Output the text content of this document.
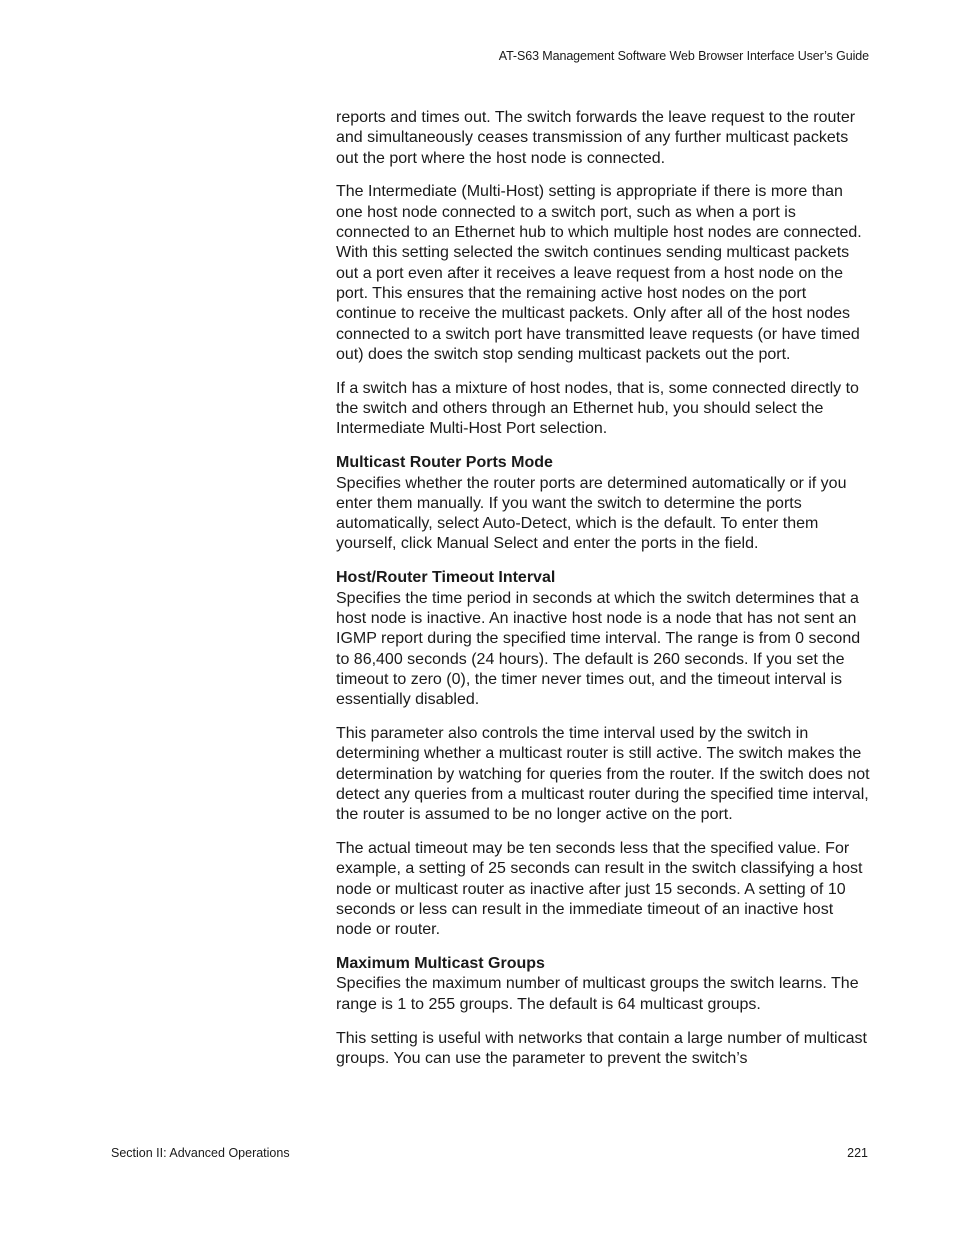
AT-S63 Management Software Web Browser Interface User’s Guide

reports and times out. The switch forwards the leave request to the router and simultaneously ceases transmission of any further multicast packets out the port where the host node is connected.

The Intermediate (Multi-Host) setting is appropriate if there is more than one host node connected to a switch port, such as when a port is connected to an Ethernet hub to which multiple host nodes are connected. With this setting selected the switch continues sending multicast packets out a port even after it receives a leave request from a host node on the port. This ensures that the remaining active host nodes on the port continue to receive the multicast packets. Only after all of the host nodes connected to a switch port have transmitted leave requests (or have timed out) does the switch stop sending multicast packets out the port.

If a switch has a mixture of host nodes, that is, some connected directly to the switch and others through an Ethernet hub, you should select the Intermediate Multi-Host Port selection.

Multicast Router Ports Mode
Specifies whether the router ports are determined automatically or if you enter them manually. If you want the switch to determine the ports automatically, select Auto-Detect, which is the default. To enter them yourself, click Manual Select and enter the ports in the field.
Host/Router Timeout Interval
Specifies the time period in seconds at which the switch determines that a host node is inactive. An inactive host node is a node that has not sent an IGMP report during the specified time interval. The range is from 0 second to 86,400 seconds (24 hours). The default is 260 seconds. If you set the timeout to zero (0), the timer never times out, and the timeout interval is essentially disabled.

This parameter also controls the time interval used by the switch in determining whether a multicast router is still active. The switch makes the determination by watching for queries from the router. If the switch does not detect any queries from a multicast router during the specified time interval, the router is assumed to be no longer active on the port.

The actual timeout may be ten seconds less that the specified value. For example, a setting of 25 seconds can result in the switch classifying a host node or multicast router as inactive after just 15 seconds. A setting of 10 seconds or less can result in the immediate timeout of an inactive host node or router.

Maximum Multicast Groups
Specifies the maximum number of multicast groups the switch learns. The range is 1 to 255 groups. The default is 64 multicast groups.

This setting is useful with networks that contain a large number of multicast groups. You can use the parameter to prevent the switch’s

Section II: Advanced Operations	221
